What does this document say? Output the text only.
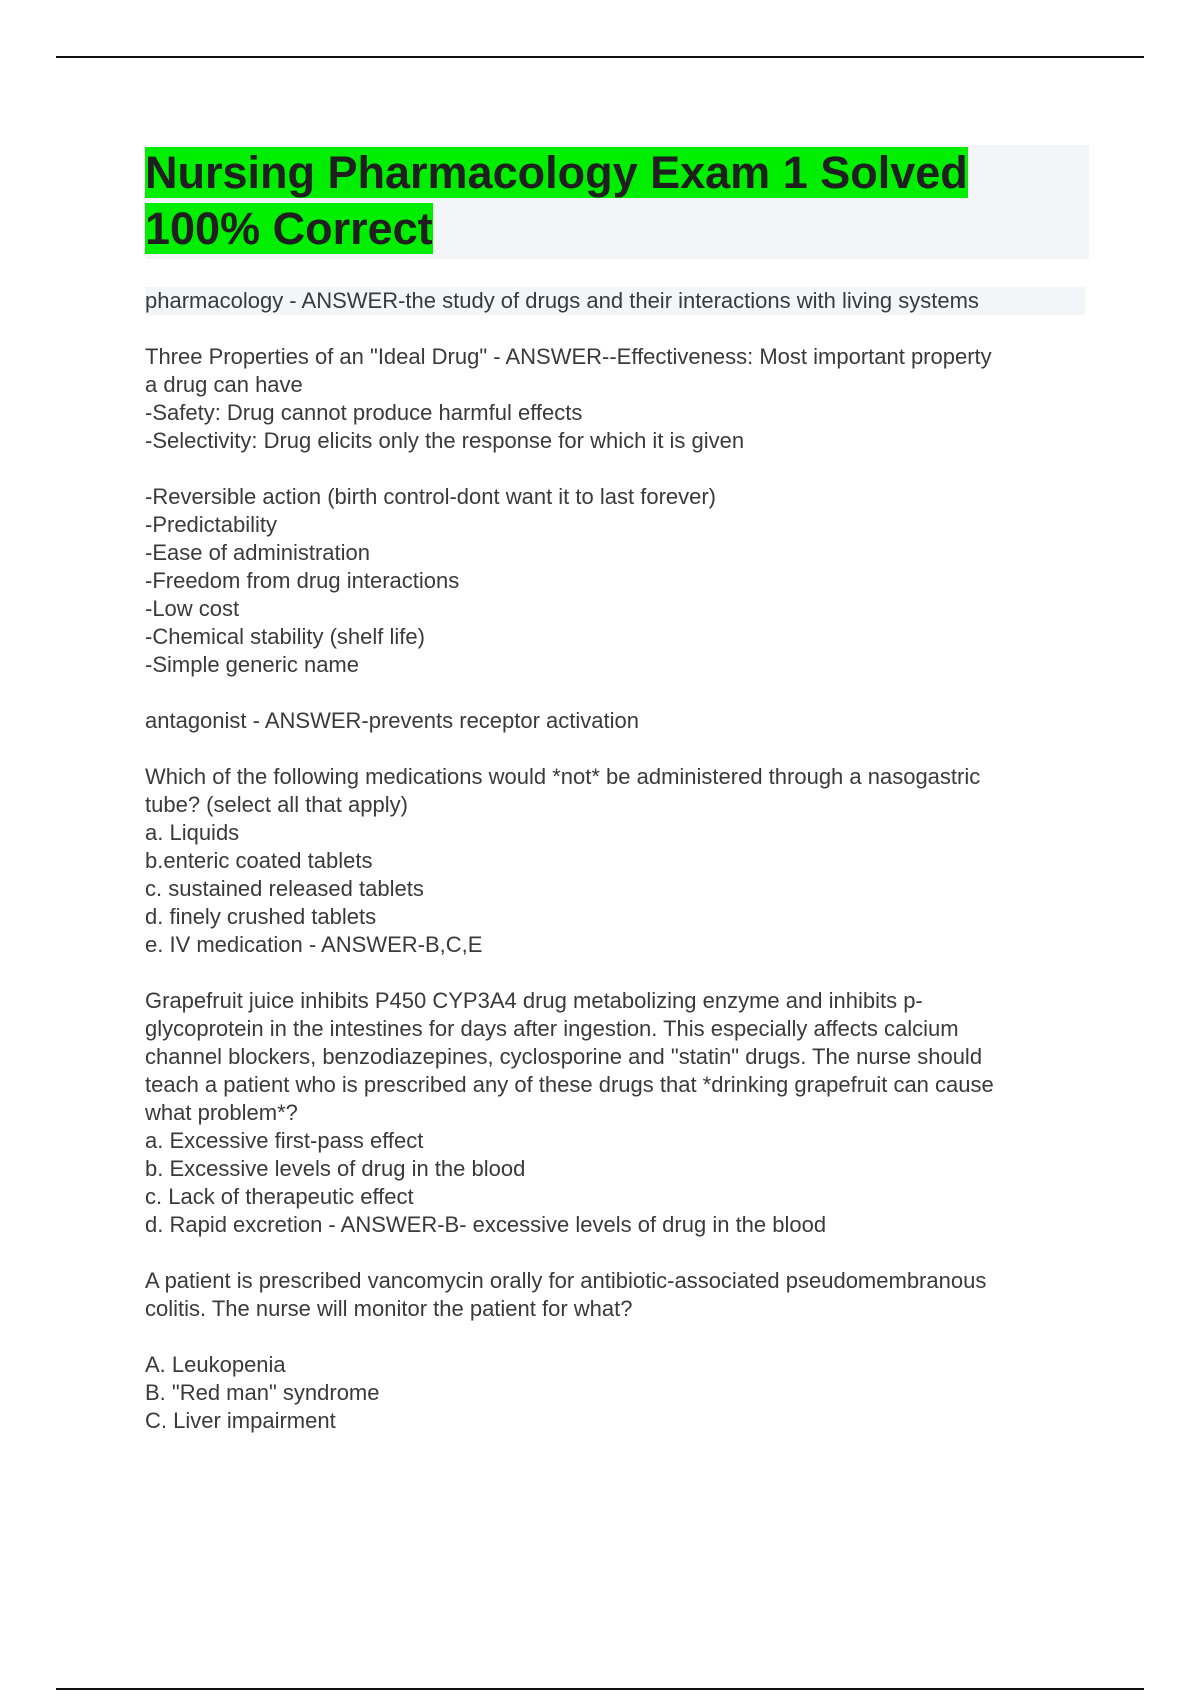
Nursing Pharmacology Exam 1 Solved
100% Correct
pharmacology - ANSWER-the study of drugs and their interactions with living systems
Three Properties of an "Ideal Drug" - ANSWER--Effectiveness: Most important property
a drug can have
-Safety: Drug cannot produce harmful effects
-Selectivity: Drug elicits only the response for which it is given
-Reversible action (birth control-dont want it to last forever)
-Predictability
-Ease of administration
-Freedom from drug interactions
-Low cost
-Chemical stability (shelf life)
-Simple generic name
antagonist - ANSWER-prevents receptor activation
Which of the following medications would *not* be administered through a nasogastric
tube? (select all that apply)
a. Liquids
b.enteric coated tablets
c. sustained released tablets
d. finely crushed tablets
e. IV medication - ANSWER-B,C,E
Grapefruit juice inhibits P450 CYP3A4 drug metabolizing enzyme and inhibits p-
glycoprotein in the intestines for days after ingestion. This especially affects calcium
channel blockers, benzodiazepines, cyclosporine and "statin" drugs. The nurse should
teach a patient who is prescribed any of these drugs that *drinking grapefruit can cause
what problem*?
a. Excessive first-pass effect
b. Excessive levels of drug in the blood
c. Lack of therapeutic effect
d. Rapid excretion - ANSWER-B- excessive levels of drug in the blood
A patient is prescribed vancomycin orally for antibiotic-associated pseudomembranous
colitis. The nurse will monitor the patient for what?
A. Leukopenia
B. "Red man" syndrome
C. Liver impairment
